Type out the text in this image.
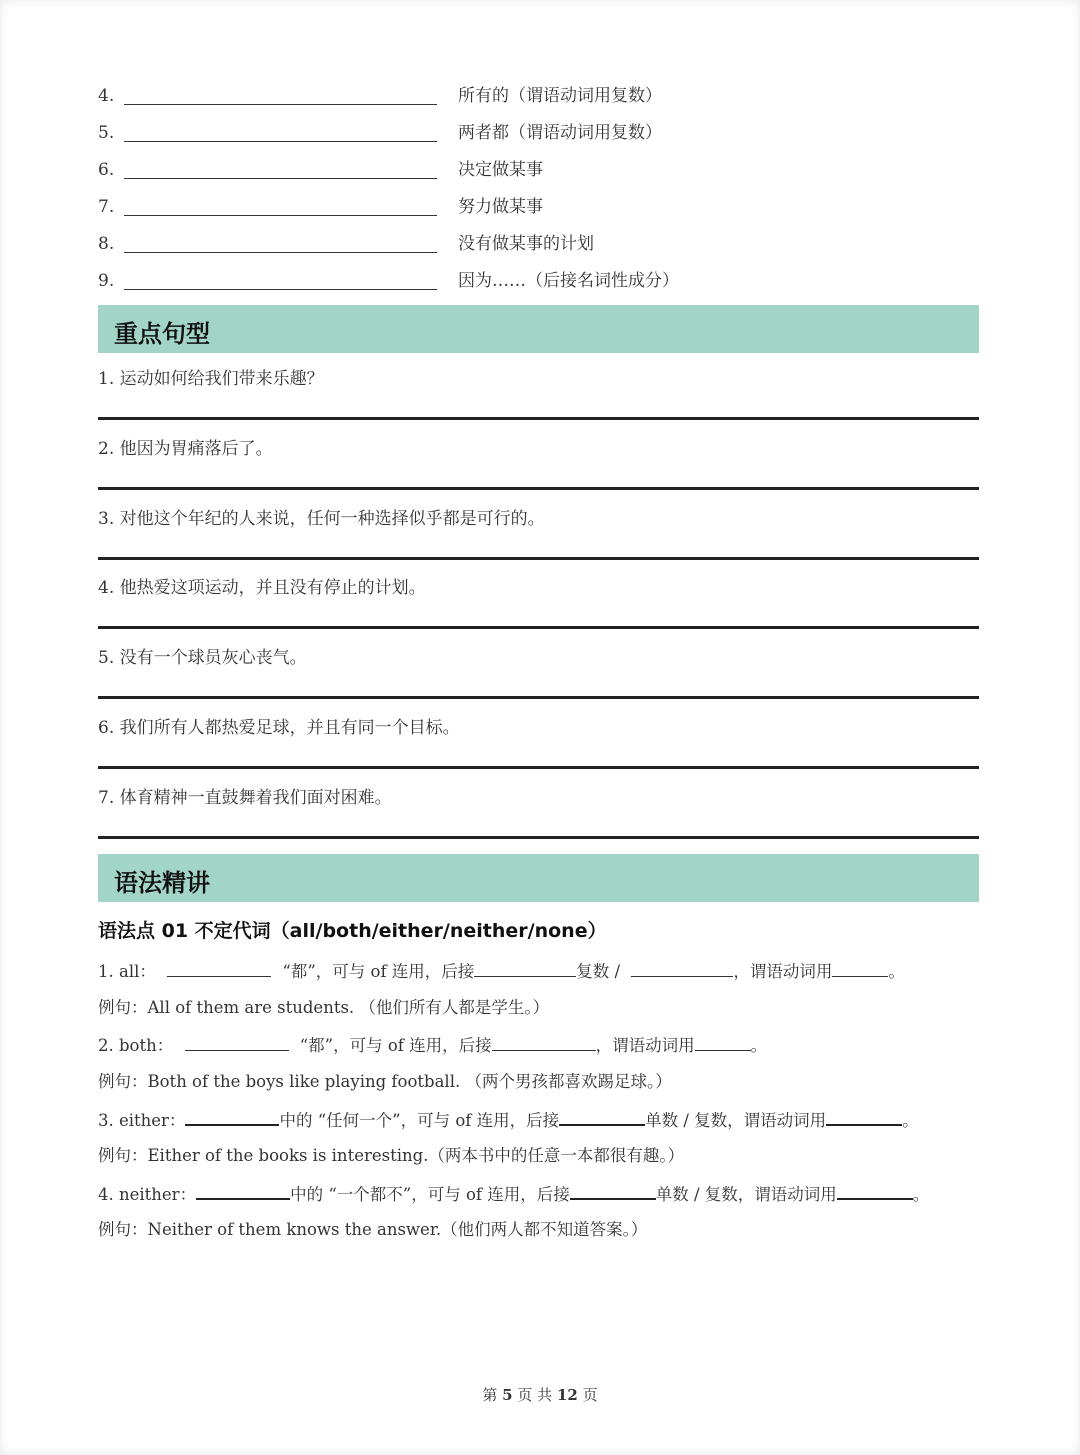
4.	所有的（谓语动词用复数）
5.	两者都（谓语动词用复数）
6.	决定做某事
7.	努力做某事
8.	没有做某事的计划
9.	因为……（后接名词性成分）
重点句型
1. 运动如何给我们带来乐趣？
2. 他因为胃痛落后了。
3. 对他这个年纪的人来说，任何一种选择似乎都是可行的。
4. 他热爱这项运动，并且没有停止的计划。
5. 没有一个球员灰心丧气。
6. 我们所有人都热爱足球，并且有同一个目标。
7. 体育精神一直鼓舞着我们面对困难。
语法精讲
语法点 01 不定代词（all/both/either/neither/none）
1. all：	“都”，可与 of 连用，后接	复数 /	，谓语动词用	。
例句：All of them are students. （他们所有人都是学生。）
2. both：	“都”，可与 of 连用，后接	，谓语动词用	。
例句：Both of the boys like playing football. （两个男孩都喜欢踢足球。）
3. either：	中的 “任何一个”，可与 of 连用，后接	单数 / 复数，谓语动词用	。
例句：Either of the books is interesting.（两本书中的任意一本都很有趣。）
4. neither：	中的 “一个都不”，可与 of 连用，后接	单数 / 复数，谓语动词用	。
例句：Neither of them knows the answer.（他们两人都不知道答案。）
第 5 页 共 12 页
